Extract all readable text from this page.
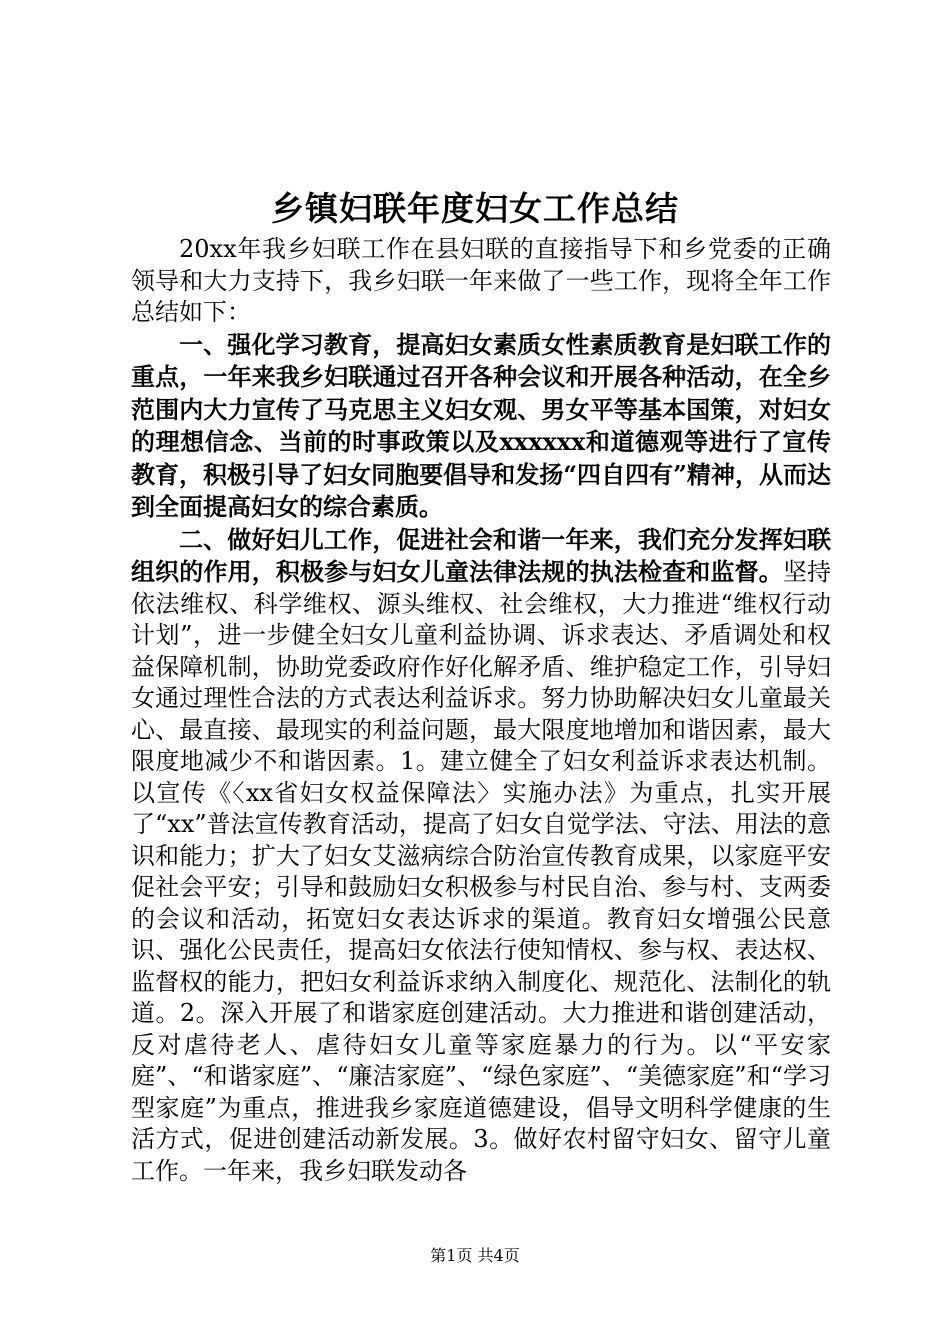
乡镇妇联年度妇女工作总结

20xx年我乡妇联工作在县妇联的直接指导下和乡党委的正确领导和大力支持下，我乡妇联一年来做了一些工作，现将全年工作总结如下：

一、强化学习教育，提高妇女素质女性素质教育是妇联工作的重点，一年来我乡妇联通过召开各种会议和开展各种活动，在全乡范围内大力宣传了马克思主义妇女观、男女平等基本国策，对妇女的理想信念、当前的时事政策以及xxxxxx和道德观等进行了宣传教育，积极引导了妇女同胞要倡导和发扬“四自四有”精神，从而达到全面提高妇女的综合素质。

二、做好妇儿工作，促进社会和谐一年来，我们充分发挥妇联组织的作用，积极参与妇女儿童法律法规的执法检查和监督。坚持依法维权、科学维权、源头维权、社会维权，大力推进“维权行动计划”，进一步健全妇女儿童利益协调、诉求表达、矛盾调处和权益保障机制，协助党委政府作好化解矛盾、维护稳定工作，引导妇女通过理性合法的方式表达利益诉求。努力协助解决妇女儿童最关心、最直接、最现实的利益问题，最大限度地增加和谐因素，最大限度地减少不和谐因素。1。建立健全了妇女利益诉求表达机制。以宣传《〈xx省妇女权益保障法〉实施办法》为重点，扎实开展了“xx”普法宣传教育活动，提高了妇女自觉学法、守法、用法的意识和能力；扩大了妇女艾滋病综合防治宣传教育成果，以家庭平安促社会平安；引导和鼓励妇女积极参与村民自治、参与村、支两委的会议和活动，拓宽妇女表达诉求的渠道。教育妇女增强公民意识、强化公民责任，提高妇女依法行使知情权、参与权、表达权、监督权的能力，把妇女利益诉求纳入制度化、规范化、法制化的轨道。2。深入开展了和谐家庭创建活动。大力推进和谐创建活动，反对虐待老人、虐待妇女儿童等家庭暴力的行为。以“平安家庭”、“和谐家庭”、“廉洁家庭”、“绿色家庭”、“美德家庭”和“学习型家庭”为重点，推进我乡家庭道德建设，倡导文明科学健康的生活方式，促进创建活动新发展。3。做好农村留守妇女、留守儿童工作。一年来，我乡妇联发动各

第1页 共4页
